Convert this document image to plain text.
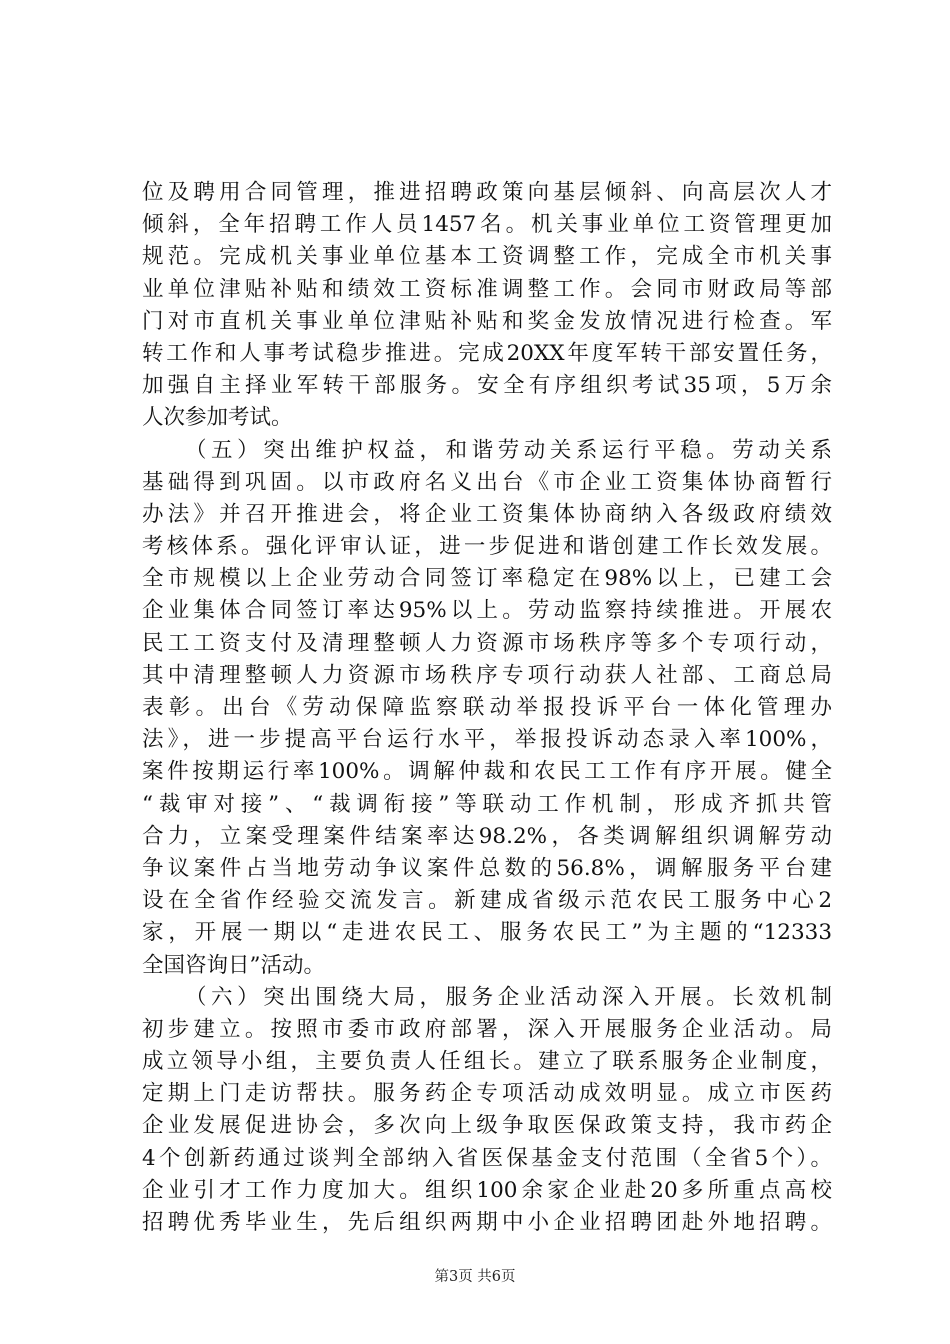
位及聘用合同管理，推进招聘政策向基层倾斜、向高层次人才
倾斜，全年招聘工作人员1457名。机关事业单位工资管理更加
规范。完成机关事业单位基本工资调整工作，完成全市机关事
业单位津贴补贴和绩效工资标准调整工作。会同市财政局等部
门对市直机关事业单位津贴补贴和奖金发放情况进行检查。军
转工作和人事考试稳步推进。完成20XX年度军转干部安置任务，
加强自主择业军转干部服务。安全有序组织考试35项，5万余
人次参加考试。
（五）突出维护权益，和谐劳动关系运行平稳。劳动关系
基础得到巩固。以市政府名义出台《市企业工资集体协商暂行
办法》并召开推进会，将企业工资集体协商纳入各级政府绩效
考核体系。强化评审认证，进一步促进和谐创建工作长效发展。
全市规模以上企业劳动合同签订率稳定在98%以上，已建工会
企业集体合同签订率达95%以上。劳动监察持续推进。开展农
民工工资支付及清理整顿人力资源市场秩序等多个专项行动，
其中清理整顿人力资源市场秩序专项行动获人社部、工商总局
表彰。出台《劳动保障监察联动举报投诉平台一体化管理办
法》，进一步提高平台运行水平，举报投诉动态录入率100%，
案件按期运行率100%。调解仲裁和农民工工作有序开展。健全
“裁审对接”、“裁调衔接”等联动工作机制，形成齐抓共管
合力，立案受理案件结案率达98.2%，各类调解组织调解劳动
争议案件占当地劳动争议案件总数的56.8%，调解服务平台建
设在全省作经验交流发言。新建成省级示范农民工服务中心2
家，开展一期以“走进农民工、服务农民工”为主题的“12333
全国咨询日”活动。
（六）突出围绕大局，服务企业活动深入开展。长效机制
初步建立。按照市委市政府部署，深入开展服务企业活动。局
成立领导小组，主要负责人任组长。建立了联系服务企业制度，
定期上门走访帮扶。服务药企专项活动成效明显。成立市医药
企业发展促进协会，多次向上级争取医保政策支持，我市药企
4个创新药通过谈判全部纳入省医保基金支付范围（全省5个）。
企业引才工作力度加大。组织100余家企业赴20多所重点高校
招聘优秀毕业生，先后组织两期中小企业招聘团赴外地招聘。
第3页 共6页
